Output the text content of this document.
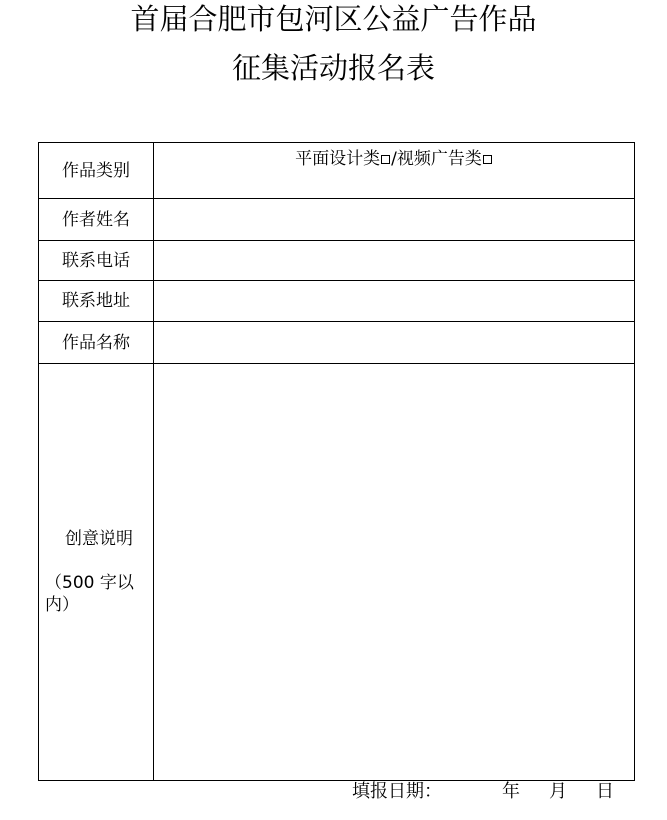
首届合肥市包河区公益广告作品
征集活动报名表
作品类别	平面设计类 /视频广告类
作者姓名	
联系电话	
联系地址	
作品名称	

创意说明
（500 字以内）	

填报日期：	年 月 日
